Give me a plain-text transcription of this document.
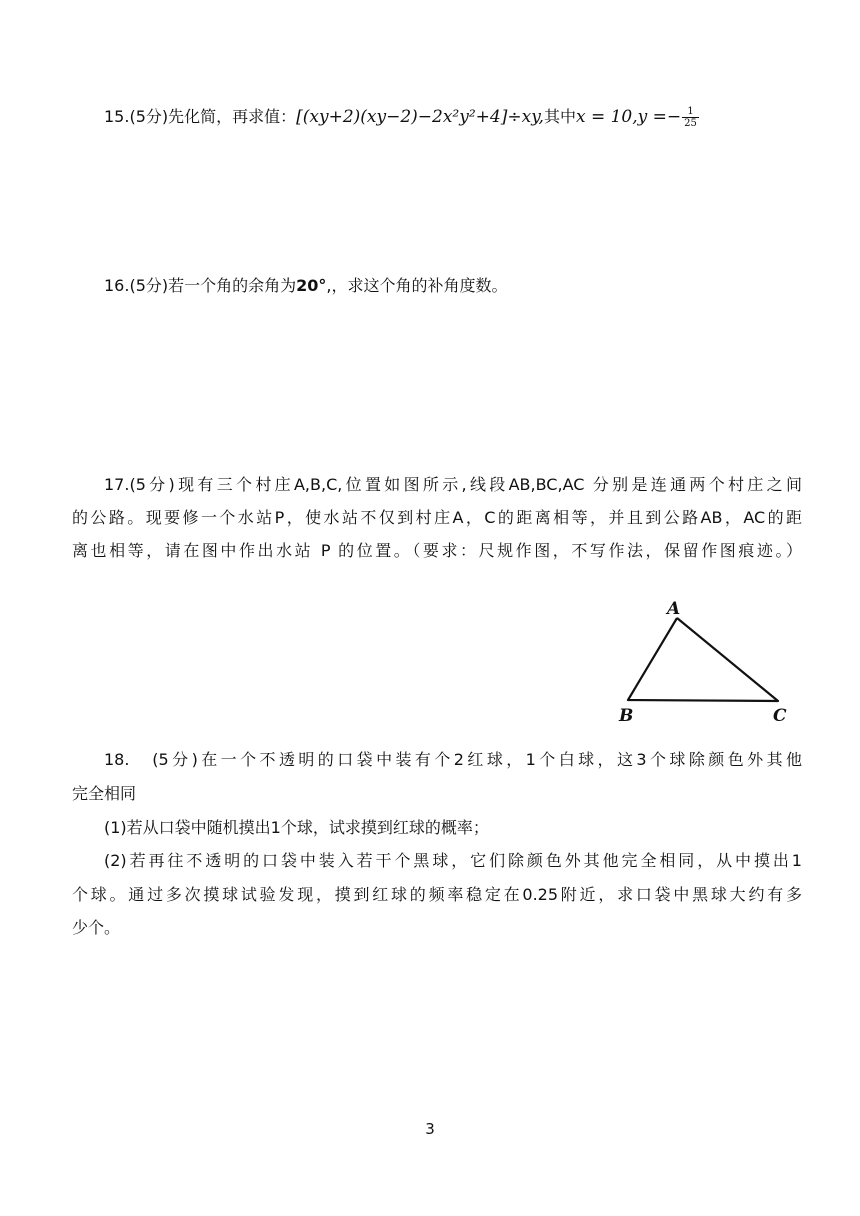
15.(5分)先化简，再求值：[(xy+2)(xy−2)−2x²y²+4]÷xy,其中$x = 10,y =- \frac{1}{25}$
16.(5分)若一个角的余角为20°,，求这个角的补角度数。
17.(5分)现有三个村庄A,B,C,位置如图所示,线段AB,BC,AC 分别是连通两个村庄之间
的公路。现要修一个水站P，使水站不仅到村庄A，C的距离相等，并且到公路AB，AC的距
离也相等，请在图中作出水站 P 的位置。（要求：尺规作图，不写作法，保留作图痕迹。）
A
B	C
18.　(5分)在一个不透明的口袋中装有个2红球，1个白球，这3个球除颜色外其他
完全相同
(1)若从口袋中随机摸出1个球，试求摸到红球的概率；
(2)若再往不透明的口袋中装入若干个黑球，它们除颜色外其他完全相同，从中摸出1
个球。通过多次摸球试验发现，摸到红球的频率稳定在0.25附近，求口袋中黑球大约有多
少个。
3
